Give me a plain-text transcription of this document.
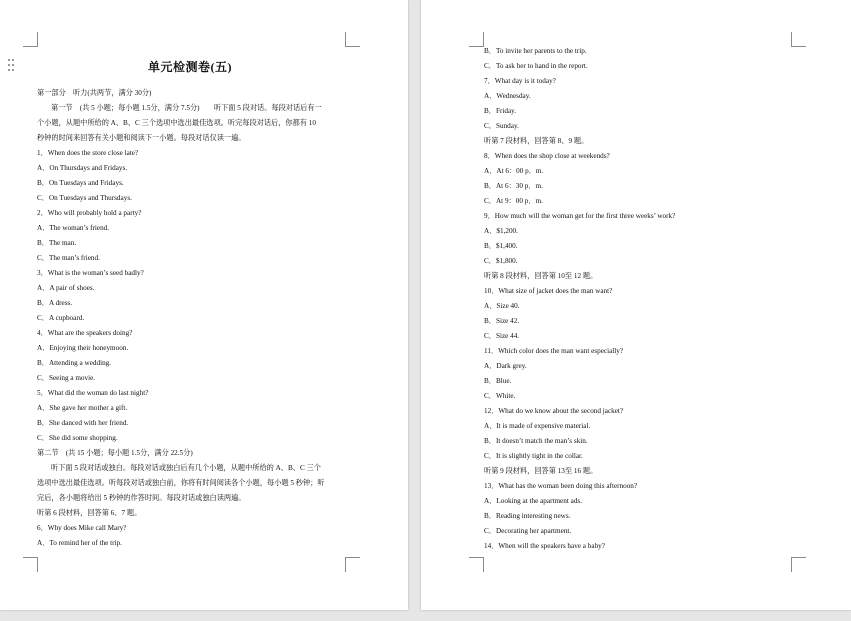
单元检测卷(五)
第一部分　听力(共两节，满分 30分)
第一节　(共 5 小题；每小题 1.5分，满分 7.5分)　　听下面 5 段对话。每段对话后有一
个小题，从题中所给的 A、B、C 三个选项中选出最佳选项。听完每段对话后，你都有 10
秒钟的时间来回答有关小题和阅读下一小题。每段对话仅读一遍。
1．When does the store close late?
A．On Thursdays and Fridays.
B．On Tuesdays and Fridays.
C．On Tuesdays and Thursdays.
2．Who will probably hold a party?
A．The woman’s friend.
B．The man.
C．The man’s friend.
3．What is the woman’s seed badly?
A．A pair of shoes.
B．A dress.
C．A cupboard.
4．What are the speakers doing?
A．Enjoying their honeymoon.
B．Attending a wedding.
C．Seeing a movie.
5．What did the woman do last night?
A．She gave her mother a gift.
B．She danced with her friend.
C．She did some shopping.
第二节　(共 15 小题；每小题 1.5分，满分 22.5分)
听下面 5 段对话或独白。每段对话或独白后有几个小题，从题中所给的 A、B、C 三个
选项中选出最佳选项。听每段对话或独白前，你将有时间阅读各个小题，每小题 5 秒钟；听
完后，各小题将给出 5 秒钟的作答时间。每段对话或独白读两遍。
听第 6 段材料，回答第 6、7 题。
6．Why does Mike call Mary?
A．To remind her of the trip.
B．To invite her parents to the trip.
C．To ask her to hand in the report.
7．What day is it today?
A．Wednesday.
B．Friday.
C．Sunday.
听第 7 段材料，回答第 8、9 题。
8．When does the shop close at weekends?
A．At 6：00 p．m.
B．At 6：30 p．m.
C．At 9：00 p．m.
9．How much will the woman get for the first three weeks’ work?
A．$1,200.
B．$1,400.
C．$1,800.
听第 8 段材料，回答第 10至 12 题。
10．What size of jacket does the man want?
A．Size 40.
B．Size 42.
C．Size 44.
11．Which color does the man want especially?
A．Dark grey.
B．Blue.
C．White.
12．What do we know about the second jacket?
A．It is made of expensive material.
B．It doesn’t match the man’s skin.
C．It is slightly tight in the collar.
听第 9 段材料，回答第 13至 16 题。
13．What has the woman been doing this afternoon?
A．Looking at the apartment ads.
B．Reading interesting news.
C．Decorating her apartment.
14．When will the speakers have a baby?
